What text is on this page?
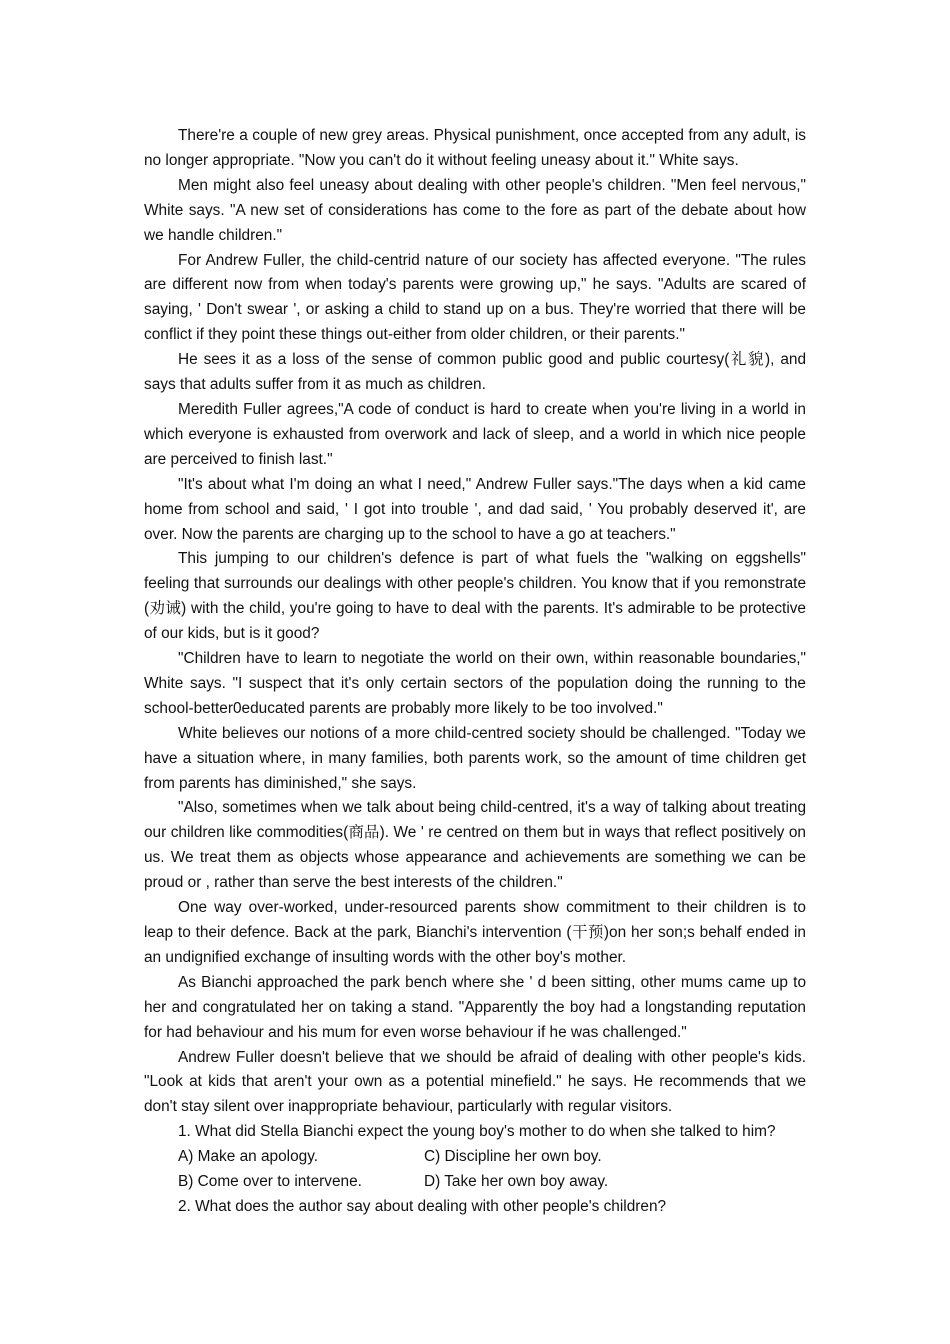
There're a couple of new grey areas. Physical punishment, once accepted from any adult, is no longer appropriate. "Now you can't do it without feeling uneasy about it." White says.

Men might also feel uneasy about dealing with other people's children. "Men feel nervous," White says. "A new set of considerations has come to the fore as part of the debate about how we handle children."

For Andrew Fuller, the child-centrid nature of our society has affected everyone. "The rules are different now from when today's parents were growing up," he says. "Adults are scared of saying, ' Don't swear ', or asking a child to stand up on a bus. They're worried that there will be conflict if they point these things out-either from older children, or their parents."

He sees it as a loss of the sense of common public good and public courtesy(礼貌), and says that adults suffer from it as much as children.

Meredith Fuller agrees,"A code of conduct is hard to create when you're living in a world in which everyone is exhausted from overwork and lack of sleep, and a world in which nice people are perceived to finish last."

"It's about what I'm doing an what I need," Andrew Fuller says."The days when a kid came home from school and said, ' I got into trouble ', and dad said, ' You probably deserved it', are over. Now the parents are charging up to the school to have a go at teachers."

This jumping to our children's defence is part of what fuels the "walking on eggshells" feeling that surrounds our dealings with other people's children. You know that if you remonstrate (劝诫) with the child, you're going to have to deal with the parents. It's admirable to be protective of our kids, but is it good?

"Children have to learn to negotiate the world on their own, within reasonable boundaries," White says. "I suspect that it's only certain sectors of the population doing the running to the school-better0educated parents are probably more likely to be too involved."

White believes our notions of a more child-centred society should be challenged. "Today we have a situation where, in many families, both parents work, so the amount of time children get from parents has diminished," she says.

"Also, sometimes when we talk about being child-centred, it's a way of talking about treating our children like commodities(商品). We ' re centred on them but in ways that reflect positively on us. We treat them as objects whose appearance and achievements are something we can be proud or , rather than serve the best interests of the children."

One way over-worked, under-resourced parents show commitment to their children is to leap to their defence. Back at the park, Bianchi's intervention (干预)on her son;s behalf ended in an undignified exchange of insulting words with the other boy's mother.

As Bianchi approached the park bench where she ' d been sitting, other mums came up to her and congratulated her on taking a stand. "Apparently the boy had a longstanding reputation for had behaviour and his mum for even worse behaviour if he was challenged."

Andrew Fuller doesn't believe that we should be afraid of dealing with other people's kids. "Look at kids that aren't your own as a potential minefield." he says. He recommends that we don't stay silent over inappropriate behaviour, particularly with regular visitors.

1. What did Stella Bianchi expect the young boy's mother to do when she talked to him?

A) Make an apology.	C) Discipline her own boy.
B) Come over to intervene.	D) Take her own boy away.

2. What does the author say about dealing with other people's children?
